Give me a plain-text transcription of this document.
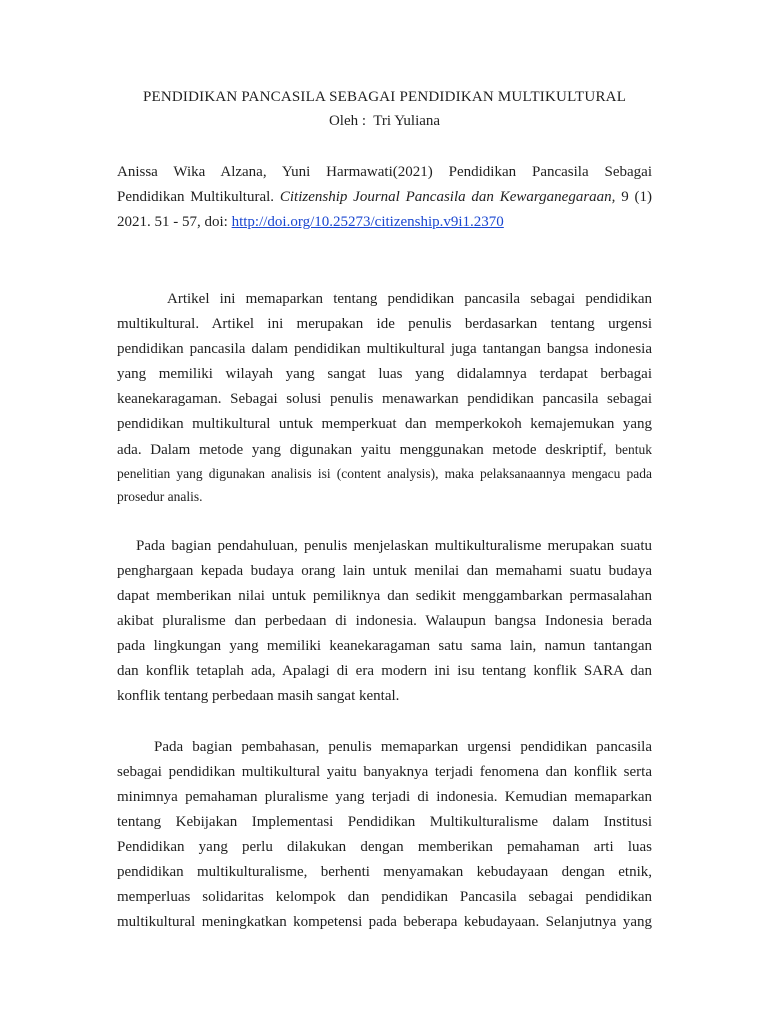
PENDIDIKAN PANCASILA SEBAGAI PENDIDIKAN MULTIKULTURAL
Oleh :  Tri Yuliana
Anissa Wika Alzana, Yuni Harmawati(2021) Pendidikan Pancasila Sebagai
Pendidikan Multikultural. Citizenship Journal Pancasila dan Kewarganegaraan, 9 (1)
2021. 51 - 57, doi: http://doi.org/10.25273/citizenship.v9i1.2370
Artikel ini memaparkan tentang pendidikan pancasila sebagai pendidikan
multikultural. Artikel ini merupakan ide penulis berdasarkan tentang urgensi
pendidikan pancasila dalam pendidikan multikultural juga tantangan bangsa indonesia
yang memiliki wilayah yang sangat luas yang didalamnya terdapat berbagai
keanekaragaman. Sebagai solusi penulis menawarkan pendidikan pancasila sebagai
pendidikan multikultural untuk memperkuat dan memperkokoh kemajemukan yang
ada. Dalam metode yang digunakan yaitu menggunakan metode deskriptif, bentuk
penelitian yang digunakan analisis isi (content analysis), maka pelaksanaannya mengacu pada
prosedur analis.
Pada bagian pendahuluan, penulis menjelaskan multikulturalisme merupakan suatu
penghargaan kepada budaya orang lain untuk menilai dan memahami suatu budaya
dapat memberikan nilai untuk pemiliknya dan sedikit menggambarkan permasalahan
akibat pluralisme dan perbedaan di indonesia. Walaupun bangsa Indonesia berada
pada lingkungan yang memiliki keanekaragaman satu sama lain, namun tantangan
dan konflik tetaplah ada, Apalagi di era modern ini isu tentang konflik SARA dan
konflik tentang perbedaan masih sangat kental.
Pada bagian pembahasan, penulis memaparkan urgensi pendidikan pancasila
sebagai pendidikan multikultural yaitu banyaknya terjadi fenomena dan konflik serta
minimnya pemahaman pluralisme yang terjadi di indonesia. Kemudian memaparkan
tentang Kebijakan Implementasi Pendidikan Multikulturalisme dalam Institusi
Pendidikan yang perlu dilakukan dengan memberikan pemahaman arti luas
pendidikan multikulturalisme, berhenti menyamakan kebudayaan dengan etnik,
memperluas solidaritas kelompok dan pendidikan Pancasila sebagai pendidikan
multikultural meningkatkan kompetensi pada beberapa kebudayaan. Selanjutnya yang
